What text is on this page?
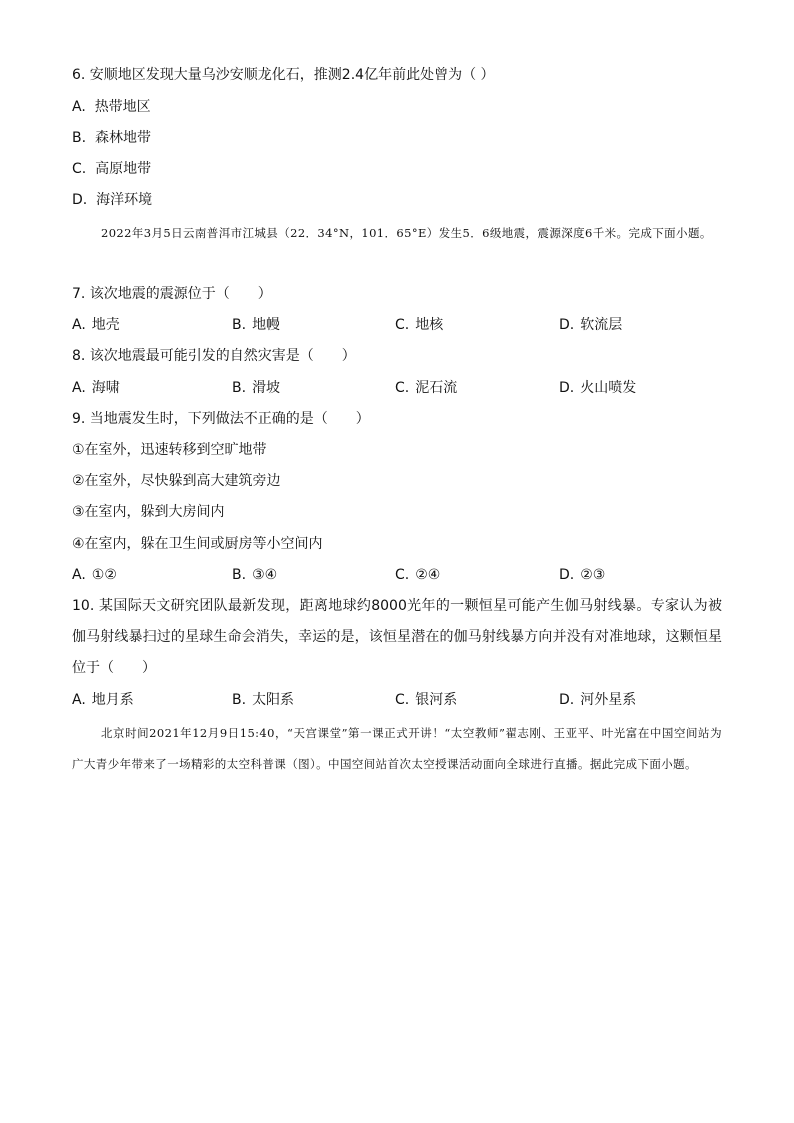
6. 安顺地区发现大量乌沙安顺龙化石，推测2.4亿年前此处曾为（ ）
A. 热带地区
B. 森林地带
C. 高原地带
D. 海洋环境
2022年3月5日云南普洱市江城县（22．34°N，101．65°E）发生5．6级地震，震源深度6千米。完成下面小题。
7. 该次地震的震源位于（　　）
A. 地壳	B. 地幔	C. 地核	D. 软流层
8. 该次地震最可能引发的自然灾害是（　　）
A. 海啸	B. 滑坡	C. 泥石流	D. 火山喷发
9. 当地震发生时，下列做法不正确的是（　　）
①在室外，迅速转移到空旷地带
②在室外，尽快躲到高大建筑旁边
③在室内，躲到大房间内
④在室内，躲在卫生间或厨房等小空间内
A. ①②	B. ③④	C. ②④	D. ②③
10. 某国际天文研究团队最新发现，距离地球约8000光年的一颗恒星可能产生伽马射线暴。专家认为被伽马射线暴扫过的星球生命会消失，幸运的是，该恒星潜在的伽马射线暴方向并没有对准地球，这颗恒星位于（　　）
A. 地月系	B. 太阳系	C. 银河系	D. 河外星系
北京时间2021年12月9日15:40，“天宫课堂”第一课正式开讲！“太空教师”翟志刚、王亚平、叶光富在中国空间站为广大青少年带来了一场精彩的太空科普课（图）。中国空间站首次太空授课活动面向全球进行直播。据此完成下面小题。
